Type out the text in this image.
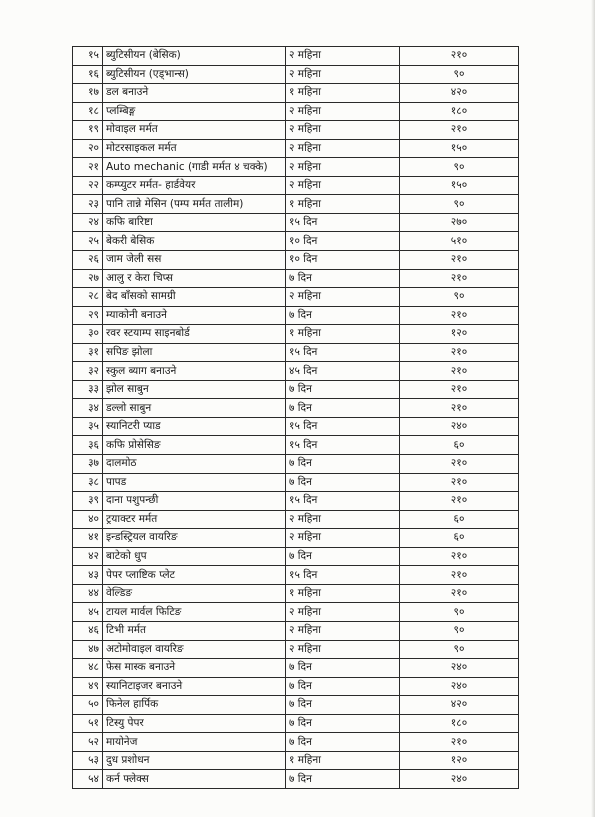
१५	ब्युटिसीयन (बेसिक)	२ महिना	२१०
१६	ब्युटिसीयन (एड्भान्स)	२ महिना	९०
१७	डल बनाउने	१ महिना	४२०
१८	प्लम्बिङ्ग	२ महिना	१८०
१९	मोवाइल मर्मत	२ महिना	२१०
२०	मोटरसाइकल मर्मत	२ महिना	१५०
२१	Auto mechanic (गाडी मर्मत ४ चक्के)	२ महिना	९०
२२	कम्प्युटर मर्मत- हार्डवेयर	२ महिना	१५०
२३	पानि तान्ने मेसिन (पम्प मर्मत तालीम)	१ महिना	९०
२४	कफि बारिष्टा	१५ दिन	२७०
२५	बेकरी बेसिक	१० दिन	५१०
२६	जाम जेली सस	१० दिन	२१०
२७	आलु र केरा चिप्स	७ दिन	२१०
२८	बेद बाँसको सामग्री	२ महिना	९०
२९	म्याकोनी बनाउने	७ दिन	२१०
३०	रवर स्टयाम्प साइनबोर्ड	१ महिना	१२०
३१	सपिङ झोला	१५ दिन	२१०
३२	स्कुल ब्याग बनाउने	४५ दिन	२१०
३३	झोल साबुन	७ दिन	२१०
३४	डल्लो साबुन	७ दिन	२१०
३५	स्यानिटरी प्याड	१५ दिन	२४०
३६	कफि प्रोसेसिङ	१५ दिन	६०
३७	दालमोठ	७ दिन	२१०
३८	पापड	७ दिन	२१०
३९	दाना पशुपन्छी	१५ दिन	२१०
४०	ट्रयाक्टर मर्मत	२ महिना	६०
४१	इन्डस्ट्रियल वायरिङ	२ महिना	६०
४२	बाटेको धुप	७ दिन	२१०
४३	पेपर प्लाष्टिक प्लेट	१५ दिन	२१०
४४	वेल्डिङ	१ महिना	२१०
४५	टायल मार्वल फिटिङ	२ महिना	९०
४६	टिभी मर्मत	२ महिना	९०
४७	अटोमोवाइल वायरिङ	२ महिना	९०
४८	फेस मास्क बनाउने	७ दिन	२४०
४९	स्यानिटाइजर बनाउने	७ दिन	२४०
५०	फिनेल हार्पिक	७ दिन	४२०
५१	टिस्यु पेपर	७ दिन	१८०
५२	मायोनेज	७ दिन	२१०
५३	दुध प्रशोधन	१ महिना	१२०
५४	कर्न फ्लेक्स	७ दिन	२४०
